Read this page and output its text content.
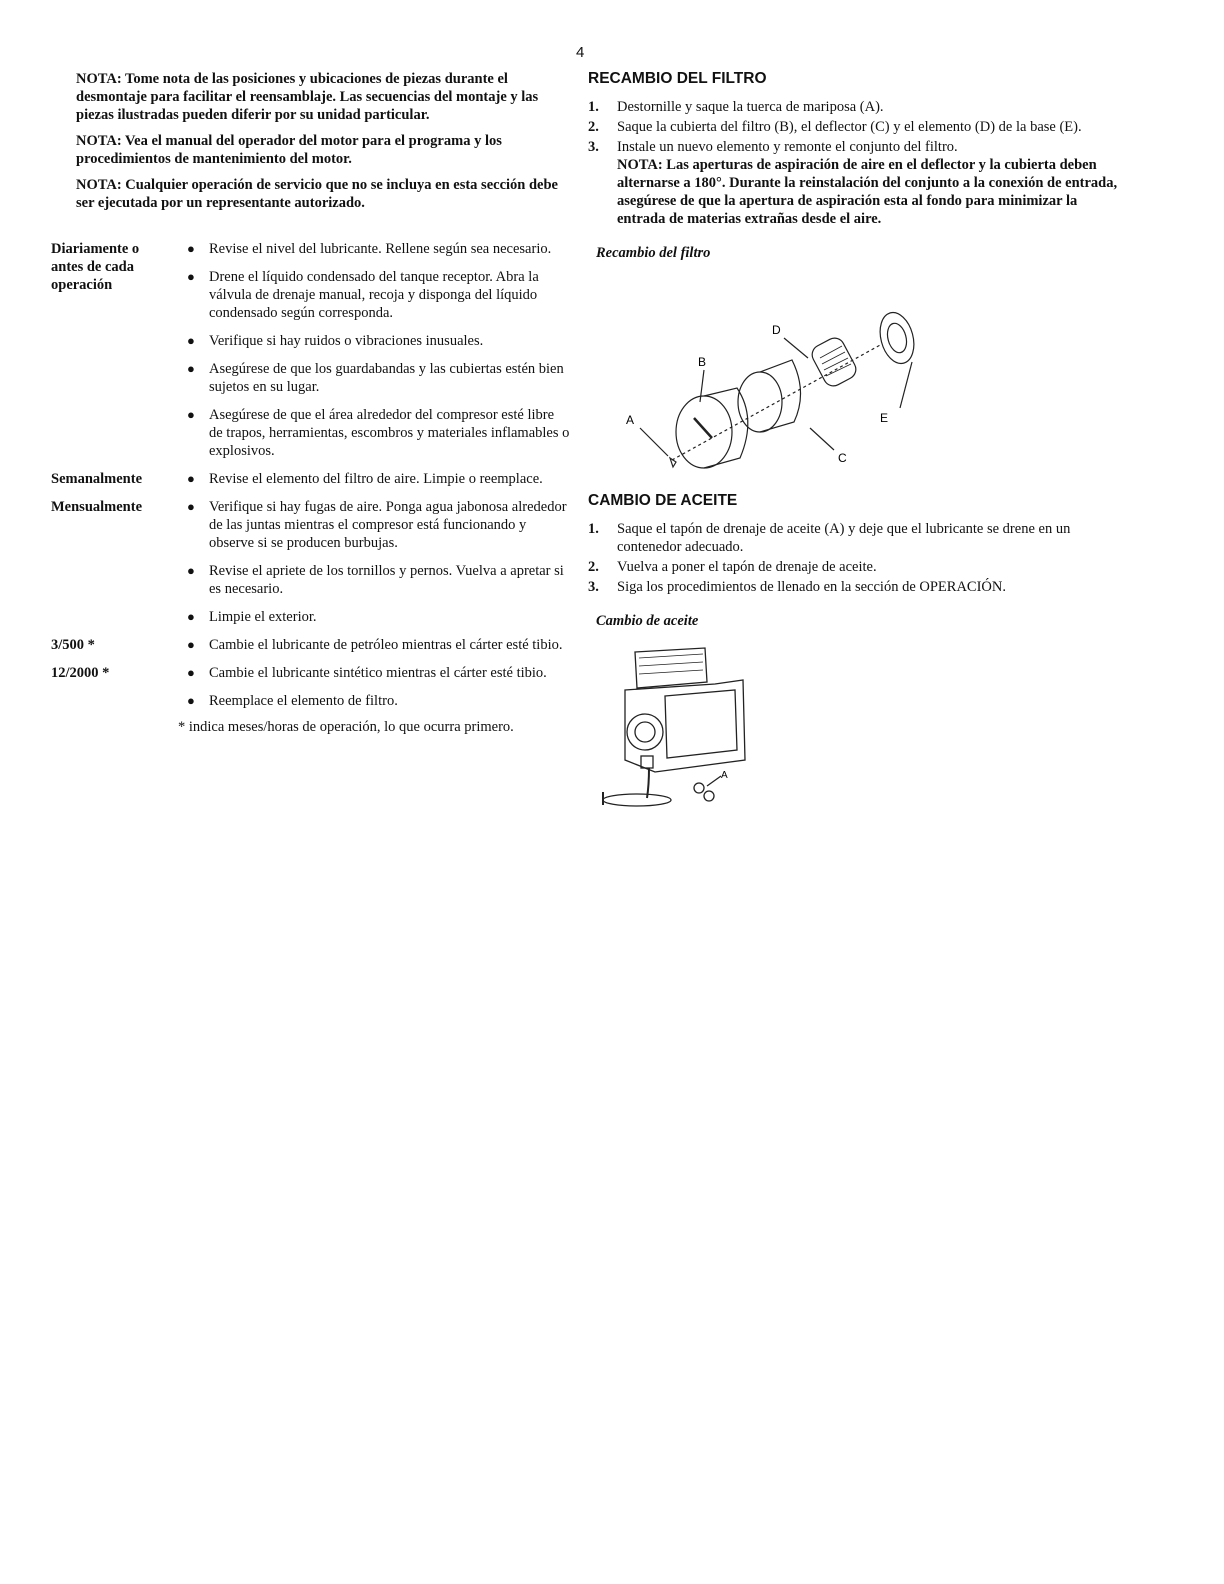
4

NOTA: Tome nota de las posiciones y ubicaciones de piezas durante el desmontaje para facilitar el reensamblaje. Las secuencias del montaje y las piezas ilustradas pueden diferir por su unidad particular.

NOTA: Vea el manual del operador del motor para el programa y los procedimientos de mantenimiento del motor.

NOTA: Cualquier operación de servicio que no se incluya en esta sección debe ser ejecutada por un representante autorizado.

Diariamente o antes de cada operación
● Revise el nivel del lubricante. Rellene según sea necesario.
● Drene el líquido condensado del tanque receptor. Abra la válvula de drenaje manual, recoja y disponga del líquido condensado según corresponda.
● Verifique si hay ruidos o vibraciones inusuales.
● Asegúrese de que los guardabandas y las cubiertas estén bien sujetos en su lugar.
● Asegúrese de que el área alrededor del compresor esté libre de trapos, herramientas, escombros y materiales inflamables o explosivos.
Semanalmente	● Revise el elemento del filtro de aire. Limpie o reemplace.
Mensualmente	● Verifique si hay fugas de aire. Ponga agua jabonosa alrededor de las juntas mientras el compresor está funcionando y observe si se producen burbujas.
● Revise el apriete de los tornillos y pernos. Vuelva a apretar si es necesario.
● Limpie el exterior.
3/500 *	● Cambie el lubricante de petróleo mientras el cárter esté tibio.
12/2000 *	● Cambie el lubricante sintético mientras el cárter esté tibio.
● Reemplace el elemento de filtro.
* indica meses/horas de operación, lo que ocurra primero.
RECAMBIO DEL FILTRO
1.	Destornille y saque la tuerca de mariposa (A).
2.	Saque la cubierta del filtro (B), el deflector (C) y el elemento (D) de la base (E).
3.	Instale un nuevo elemento y remonte el conjunto del filtro.
NOTA: Las aperturas de aspiración de aire en el deflector y la cubierta deben alternarse a 180°. Durante la reinstalación del conjunto a la conexión de entrada, asegúrese de que la apertura de aspiración esta al fondo para minimizar la entrada de materias extrañas desde el aire.
Recambio del filtro
CAMBIO DE ACEITE
1.	Saque el tapón de drenaje de aceite (A) y deje que el lubricante se drene en un contenedor adecuado.
2.	Vuelva a poner el tapón de drenaje de aceite.
3.	Siga los procedimientos de llenado en la sección de OPERACIÓN.
Cambio de aceite
A
B
C
D
E
A
